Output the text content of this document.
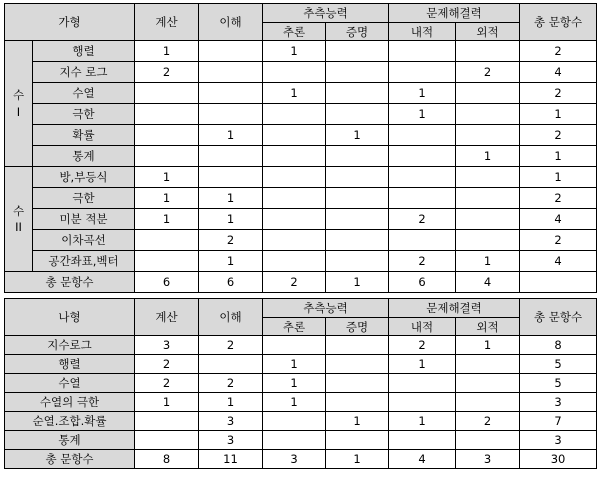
가형		계산	이해	추측능력		문제해결력		총 문항수
				추론	증명	내적	외적	

수
I	행렬	1		1				2
	지수 로그	2					2	4
	수열			1		1		2
	극한					1		1
	확률		1		1			2
	통계						1	1

수
II	방,부등식	1						1
	극한	1	1					2
	미분 적분	1	1			2		4
	이차곡선		2					2
	공간좌표,벡터		1			2	1	4
총 문항수		6	6	2	1	6	4	
나형	계산	이해	추측능력		문제해결력		총 문항수
			추론	증명	내적	외적	
지수로그	3	2			2	1	8
행렬	2		1		1		5
수열	2	2	1				5
수열의 극한	1	1	1				3
순열.조합.확률		3		1	1	2	7
통계		3					3
총 문항수	8	11	3	1	4	3	30
